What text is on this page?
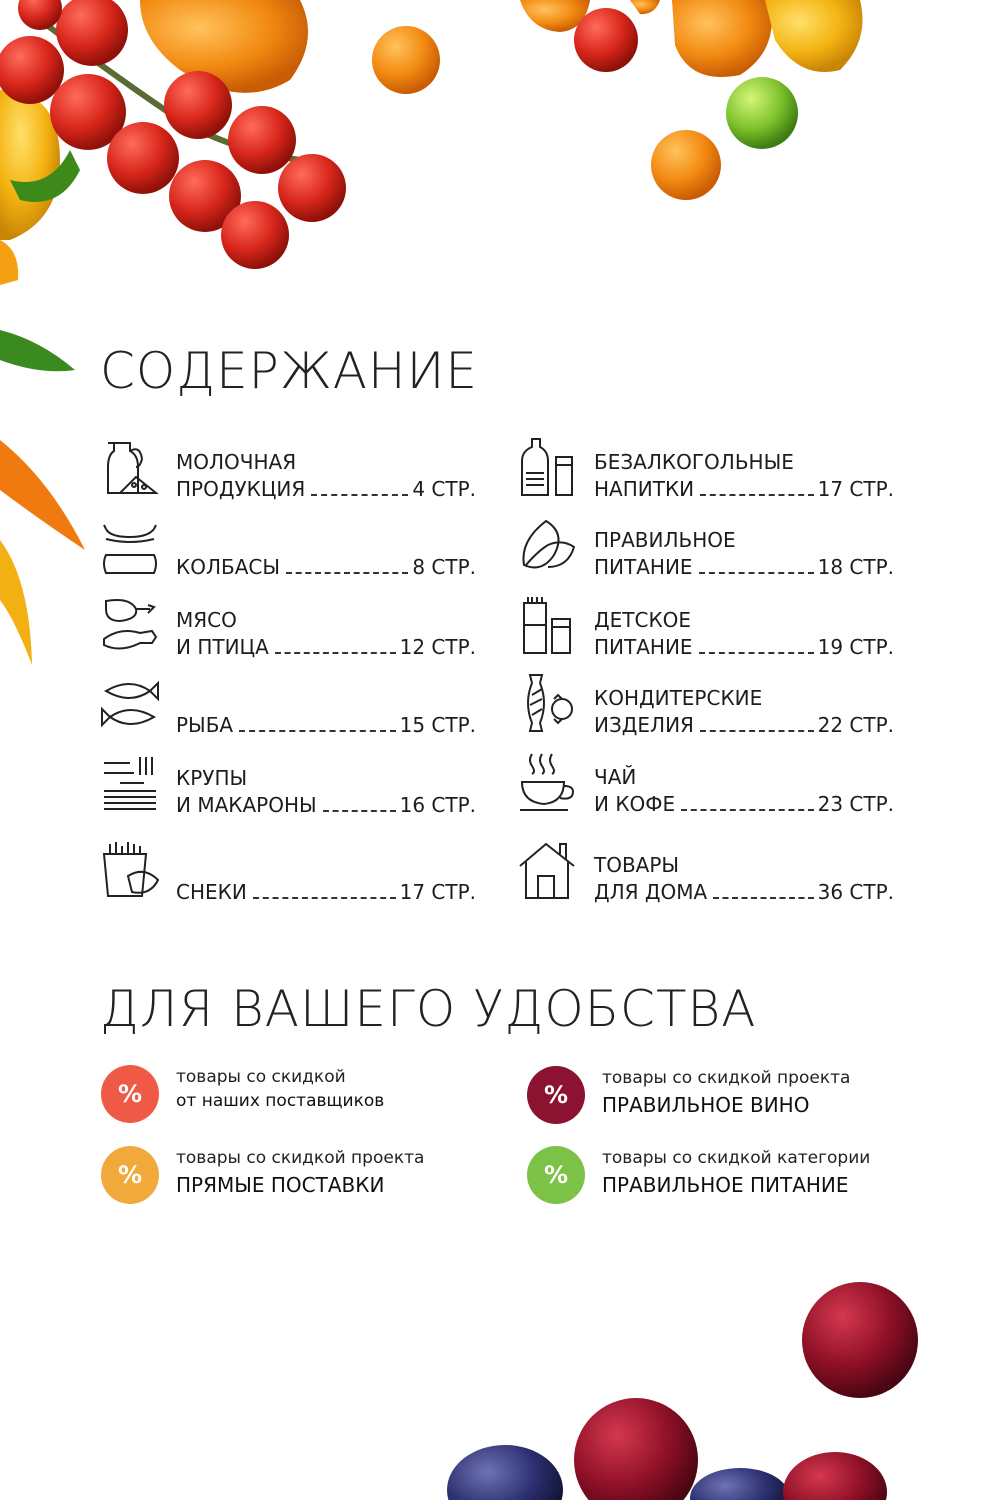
СОДЕРЖАНИЕ
МОЛОЧНАЯ
ПРОДУКЦИЯ	4 СТР.
КОЛБАСЫ	8 СТР.
МЯСО
И ПТИЦА	12 СТР.
РЫБА	15 СТР.
КРУПЫ
И МАКАРОНЫ	16 СТР.
СНЕКИ	17 СТР.
БЕЗАЛКОГОЛЬНЫЕ
НАПИТКИ	17 СТР.
ПРАВИЛЬНОЕ
ПИТАНИЕ	18 СТР.
ДЕТСКОЕ
ПИТАНИЕ	19 СТР.
КОНДИТЕРСКИЕ
ИЗДЕЛИЯ	22 СТР.
ЧАЙ
И КОФЕ	23 СТР.
ТОВАРЫ
ДЛЯ ДОМА	36 СТР.
ДЛЯ ВАШЕГО УДОБСТВА
%
товары со скидкой
от наших поставщиков
%
товары со скидкой проекта
ПРЯМЫЕ ПОСТАВКИ
%
товары со скидкой проекта
ПРАВИЛЬНОЕ ВИНО
%
товары со скидкой категории
ПРАВИЛЬНОЕ ПИТАНИЕ
